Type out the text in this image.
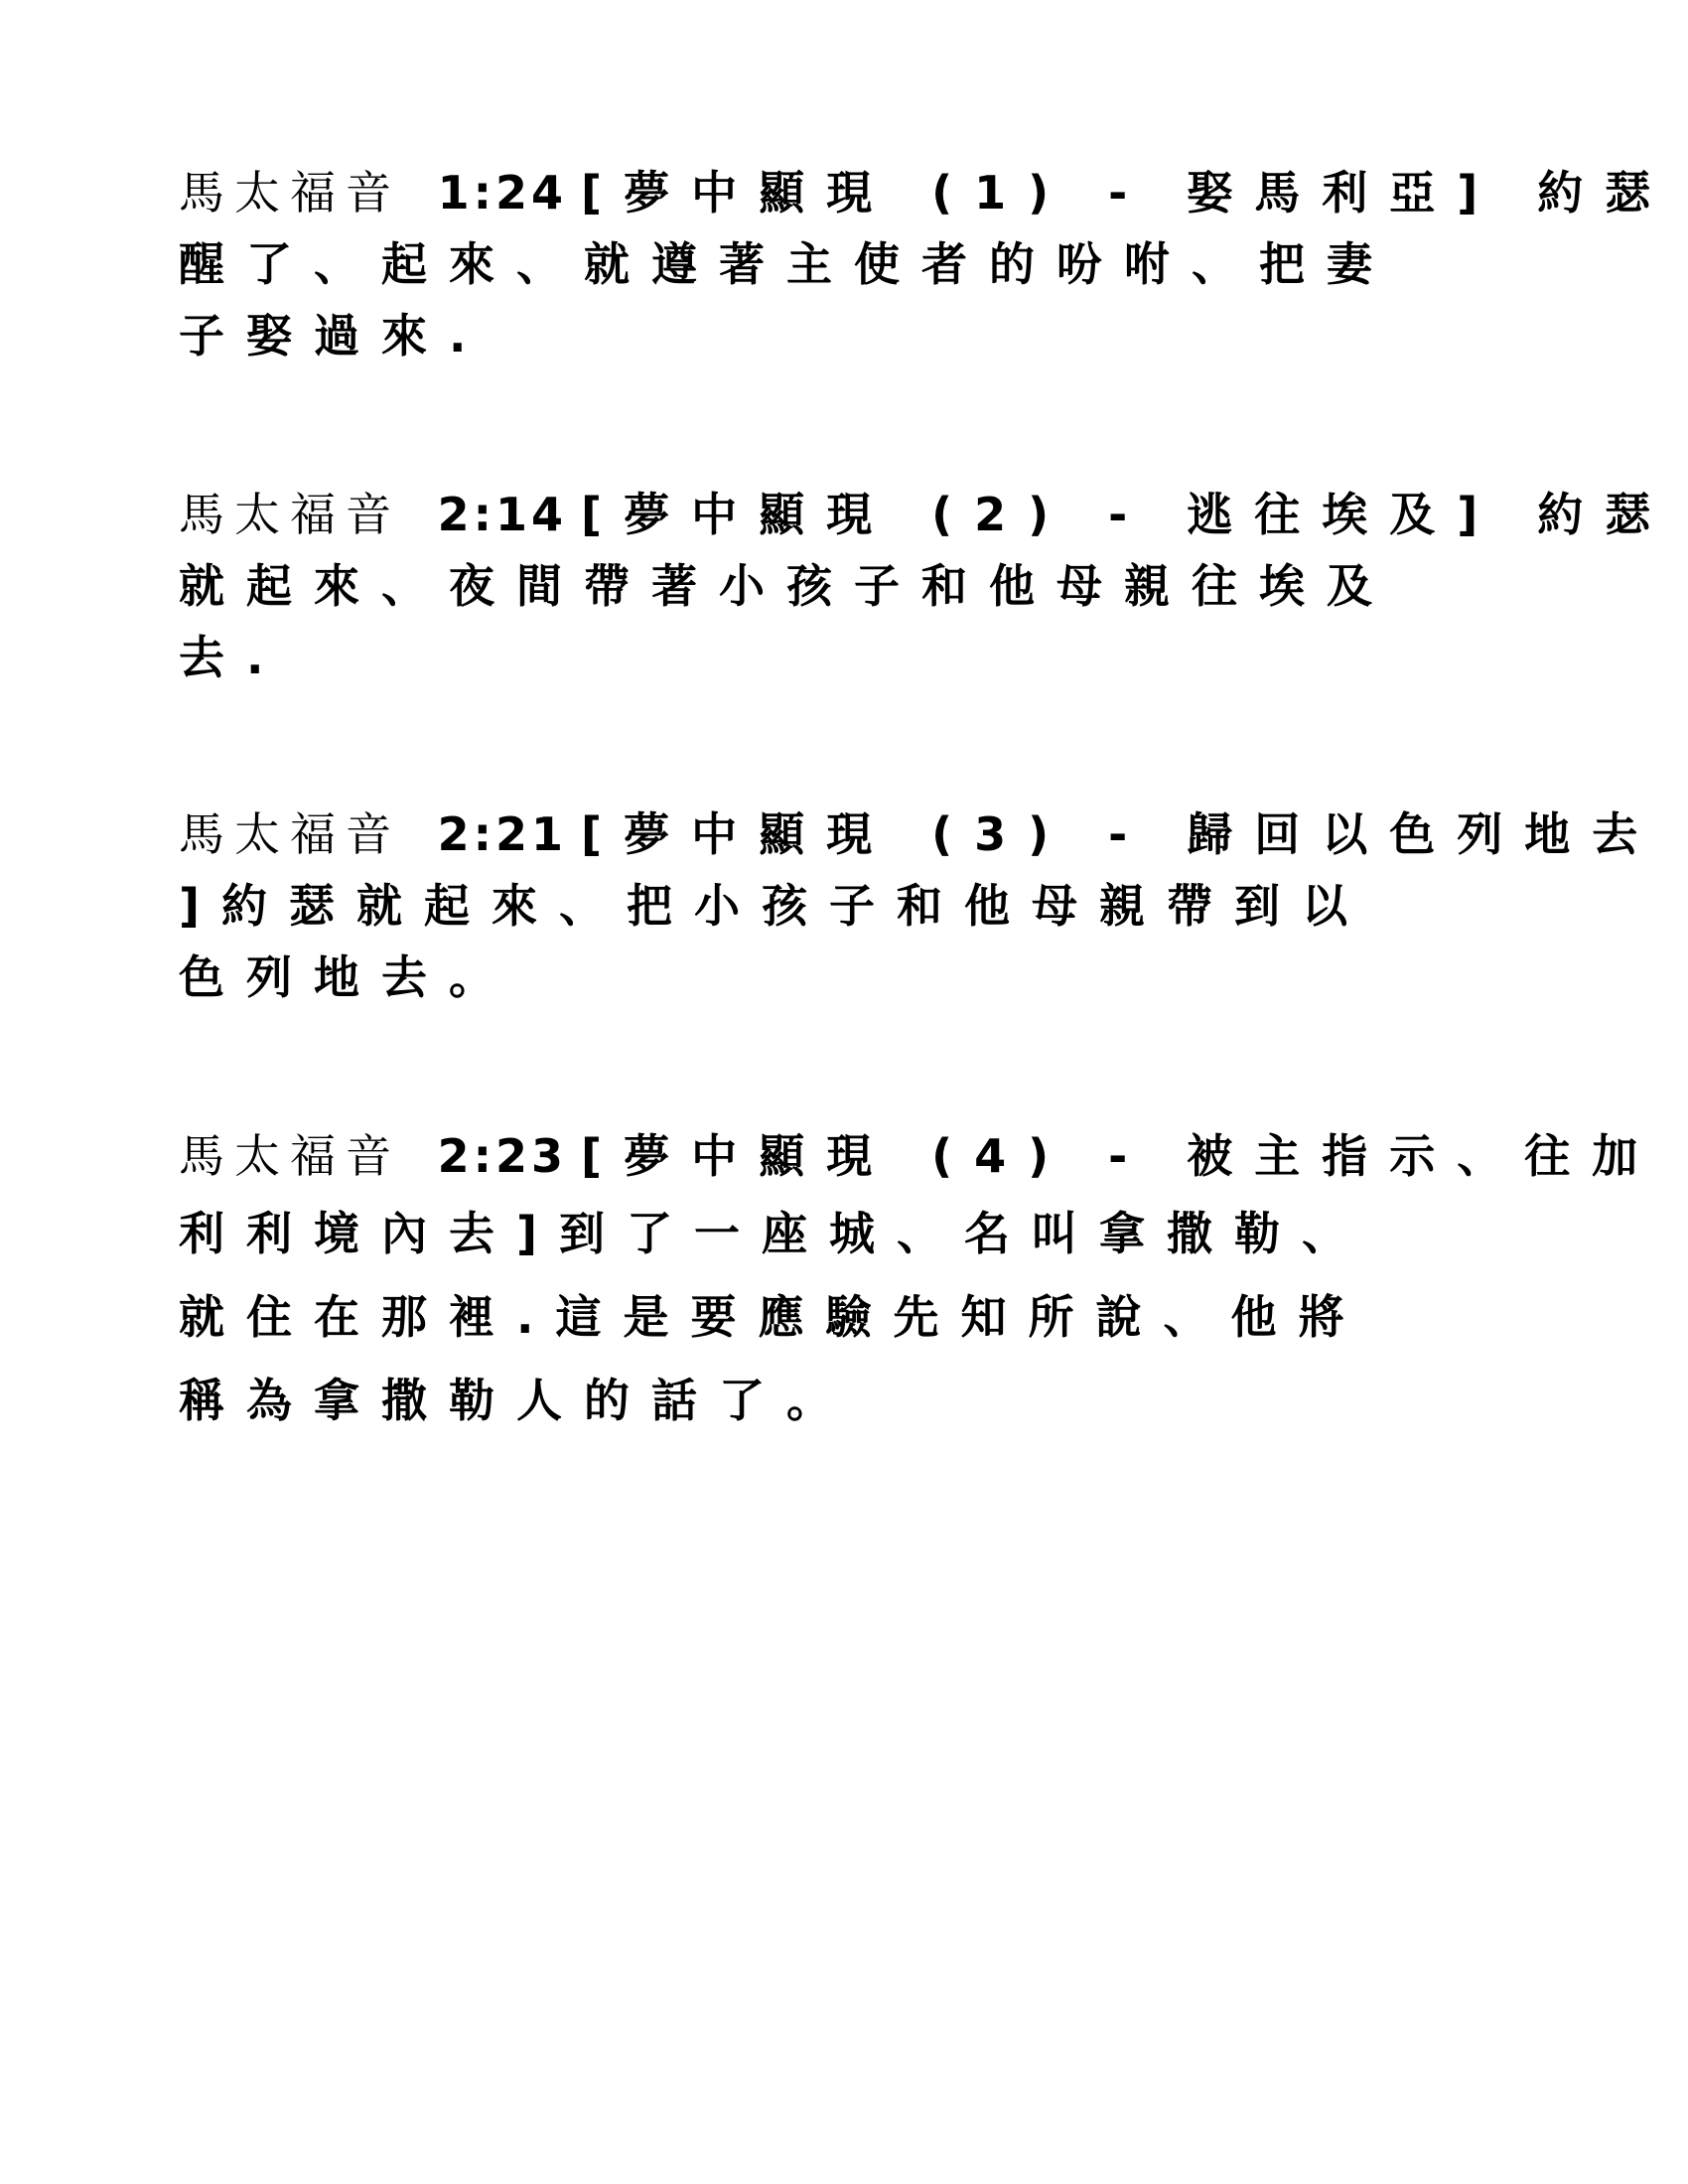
馬太福音 1:24 [夢中顯現 (1) - 娶馬利亞] 約瑟
醒了、起來、就遵著主使者的吩咐、把妻
子娶過來.
馬太福音 2:14 [夢中顯現 (2) - 逃往埃及] 約瑟
就起來、夜間帶著小孩子和他母親往埃及
去.
馬太福音 2:21 [夢中顯現 (3) - 歸回以色列地去
]約瑟就起來、把小孩子和他母親帶到以
色列地去。
馬太福音 2:23 [夢中顯現 (4) - 被主指示、往加
利利境內去]到了一座城、名叫拿撒勒、
就住在那裡.這是要應驗先知所說、他將
稱為拿撒勒人的話了。
